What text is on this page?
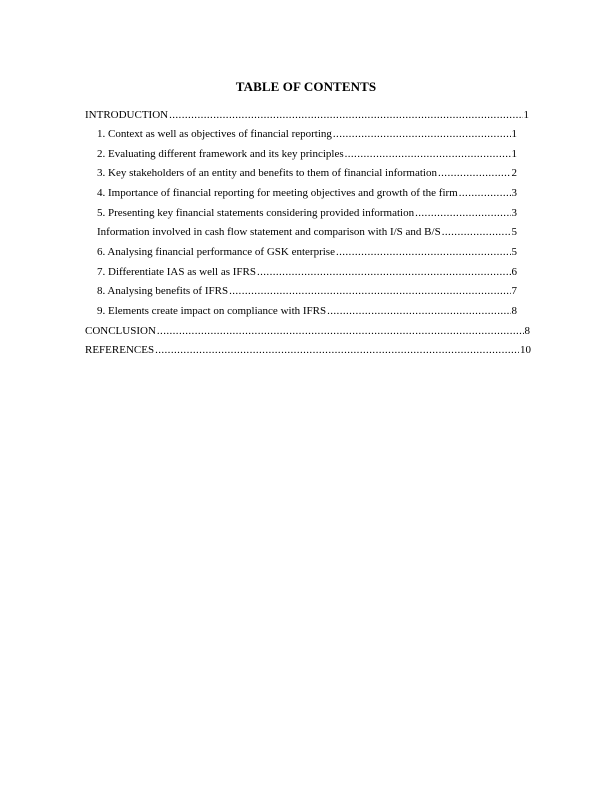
TABLE OF CONTENTS
INTRODUCTION .....	1
1. Context as well as objectives of financial reporting .....	1
2. Evaluating different framework and its key principles .....	1
3. Key stakeholders of an entity and benefits to them of financial information .....	2
4. Importance of financial reporting for meeting objectives and growth of the firm .....	3
5. Presenting key financial statements considering provided information .....	3
Information involved in cash flow statement and comparison with I/S and B/S .....	5
6. Analysing financial performance of GSK enterprise .....	5
7. Differentiate IAS as well as IFRS .....	6
8. Analysing benefits of IFRS .....	7
9. Elements create impact on compliance with IFRS .....	8
CONCLUSION .....	8
REFERENCES .....	10
